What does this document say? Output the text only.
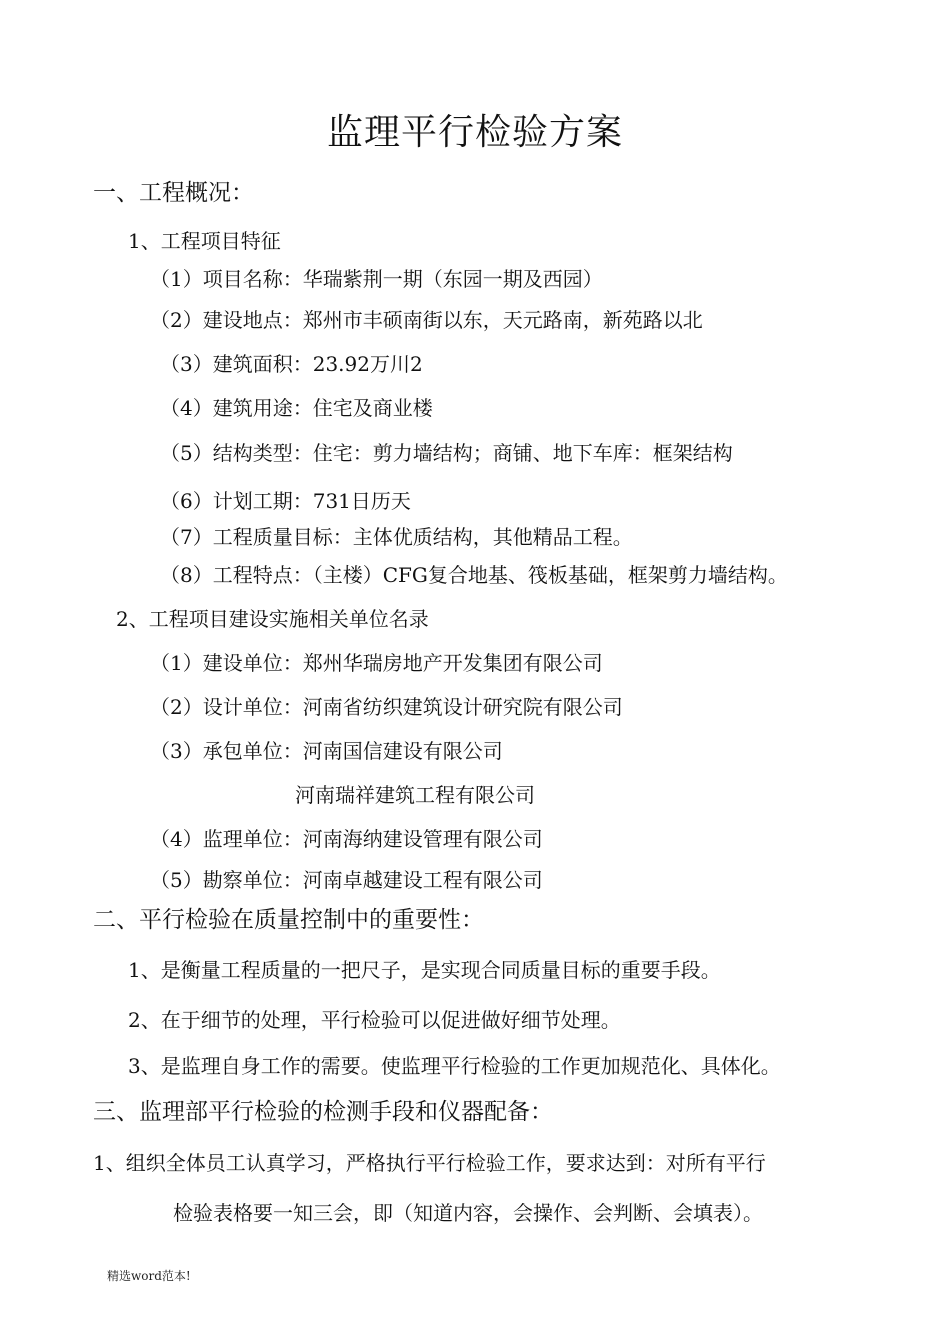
监理平行检验方案
一、工程概况：
1、工程项目特征
（1）项目名称：华瑞紫荆一期（东园一期及西园）
（2）建设地点：郑州市丰硕南街以东，天元路南，新苑路以北
（3）建筑面积：23.92万川2
（4）建筑用途：住宅及商业楼
（5）结构类型：住宅：剪力墙结构；商铺、地下车库：框架结构
（6）计划工期：731日历天
（7）工程质量目标：主体优质结构，其他精品工程。
（8）工程特点：（主楼）CFG复合地基、筏板基础，框架剪力墙结构。
2、工程项目建设实施相关单位名录
（1）建设单位：郑州华瑞房地产开发集团有限公司
（2）设计单位：河南省纺织建筑设计研究院有限公司
（3）承包单位：河南国信建设有限公司
河南瑞祥建筑工程有限公司
（4）监理单位：河南海纳建设管理有限公司
（5）勘察单位：河南卓越建设工程有限公司
二、平行检验在质量控制中的重要性：
1、是衡量工程质量的一把尺子，是实现合同质量目标的重要手段。
2、在于细节的处理，平行检验可以促进做好细节处理。
3、是监理自身工作的需要。使监理平行检验的工作更加规范化、具体化。
三、监理部平行检验的检测手段和仪器配备：
1、组织全体员工认真学习，严格执行平行检验工作，要求达到：对所有平行
检验表格要一知三会，即（知道内容，会操作、会判断、会填表）。
精选word范本!
